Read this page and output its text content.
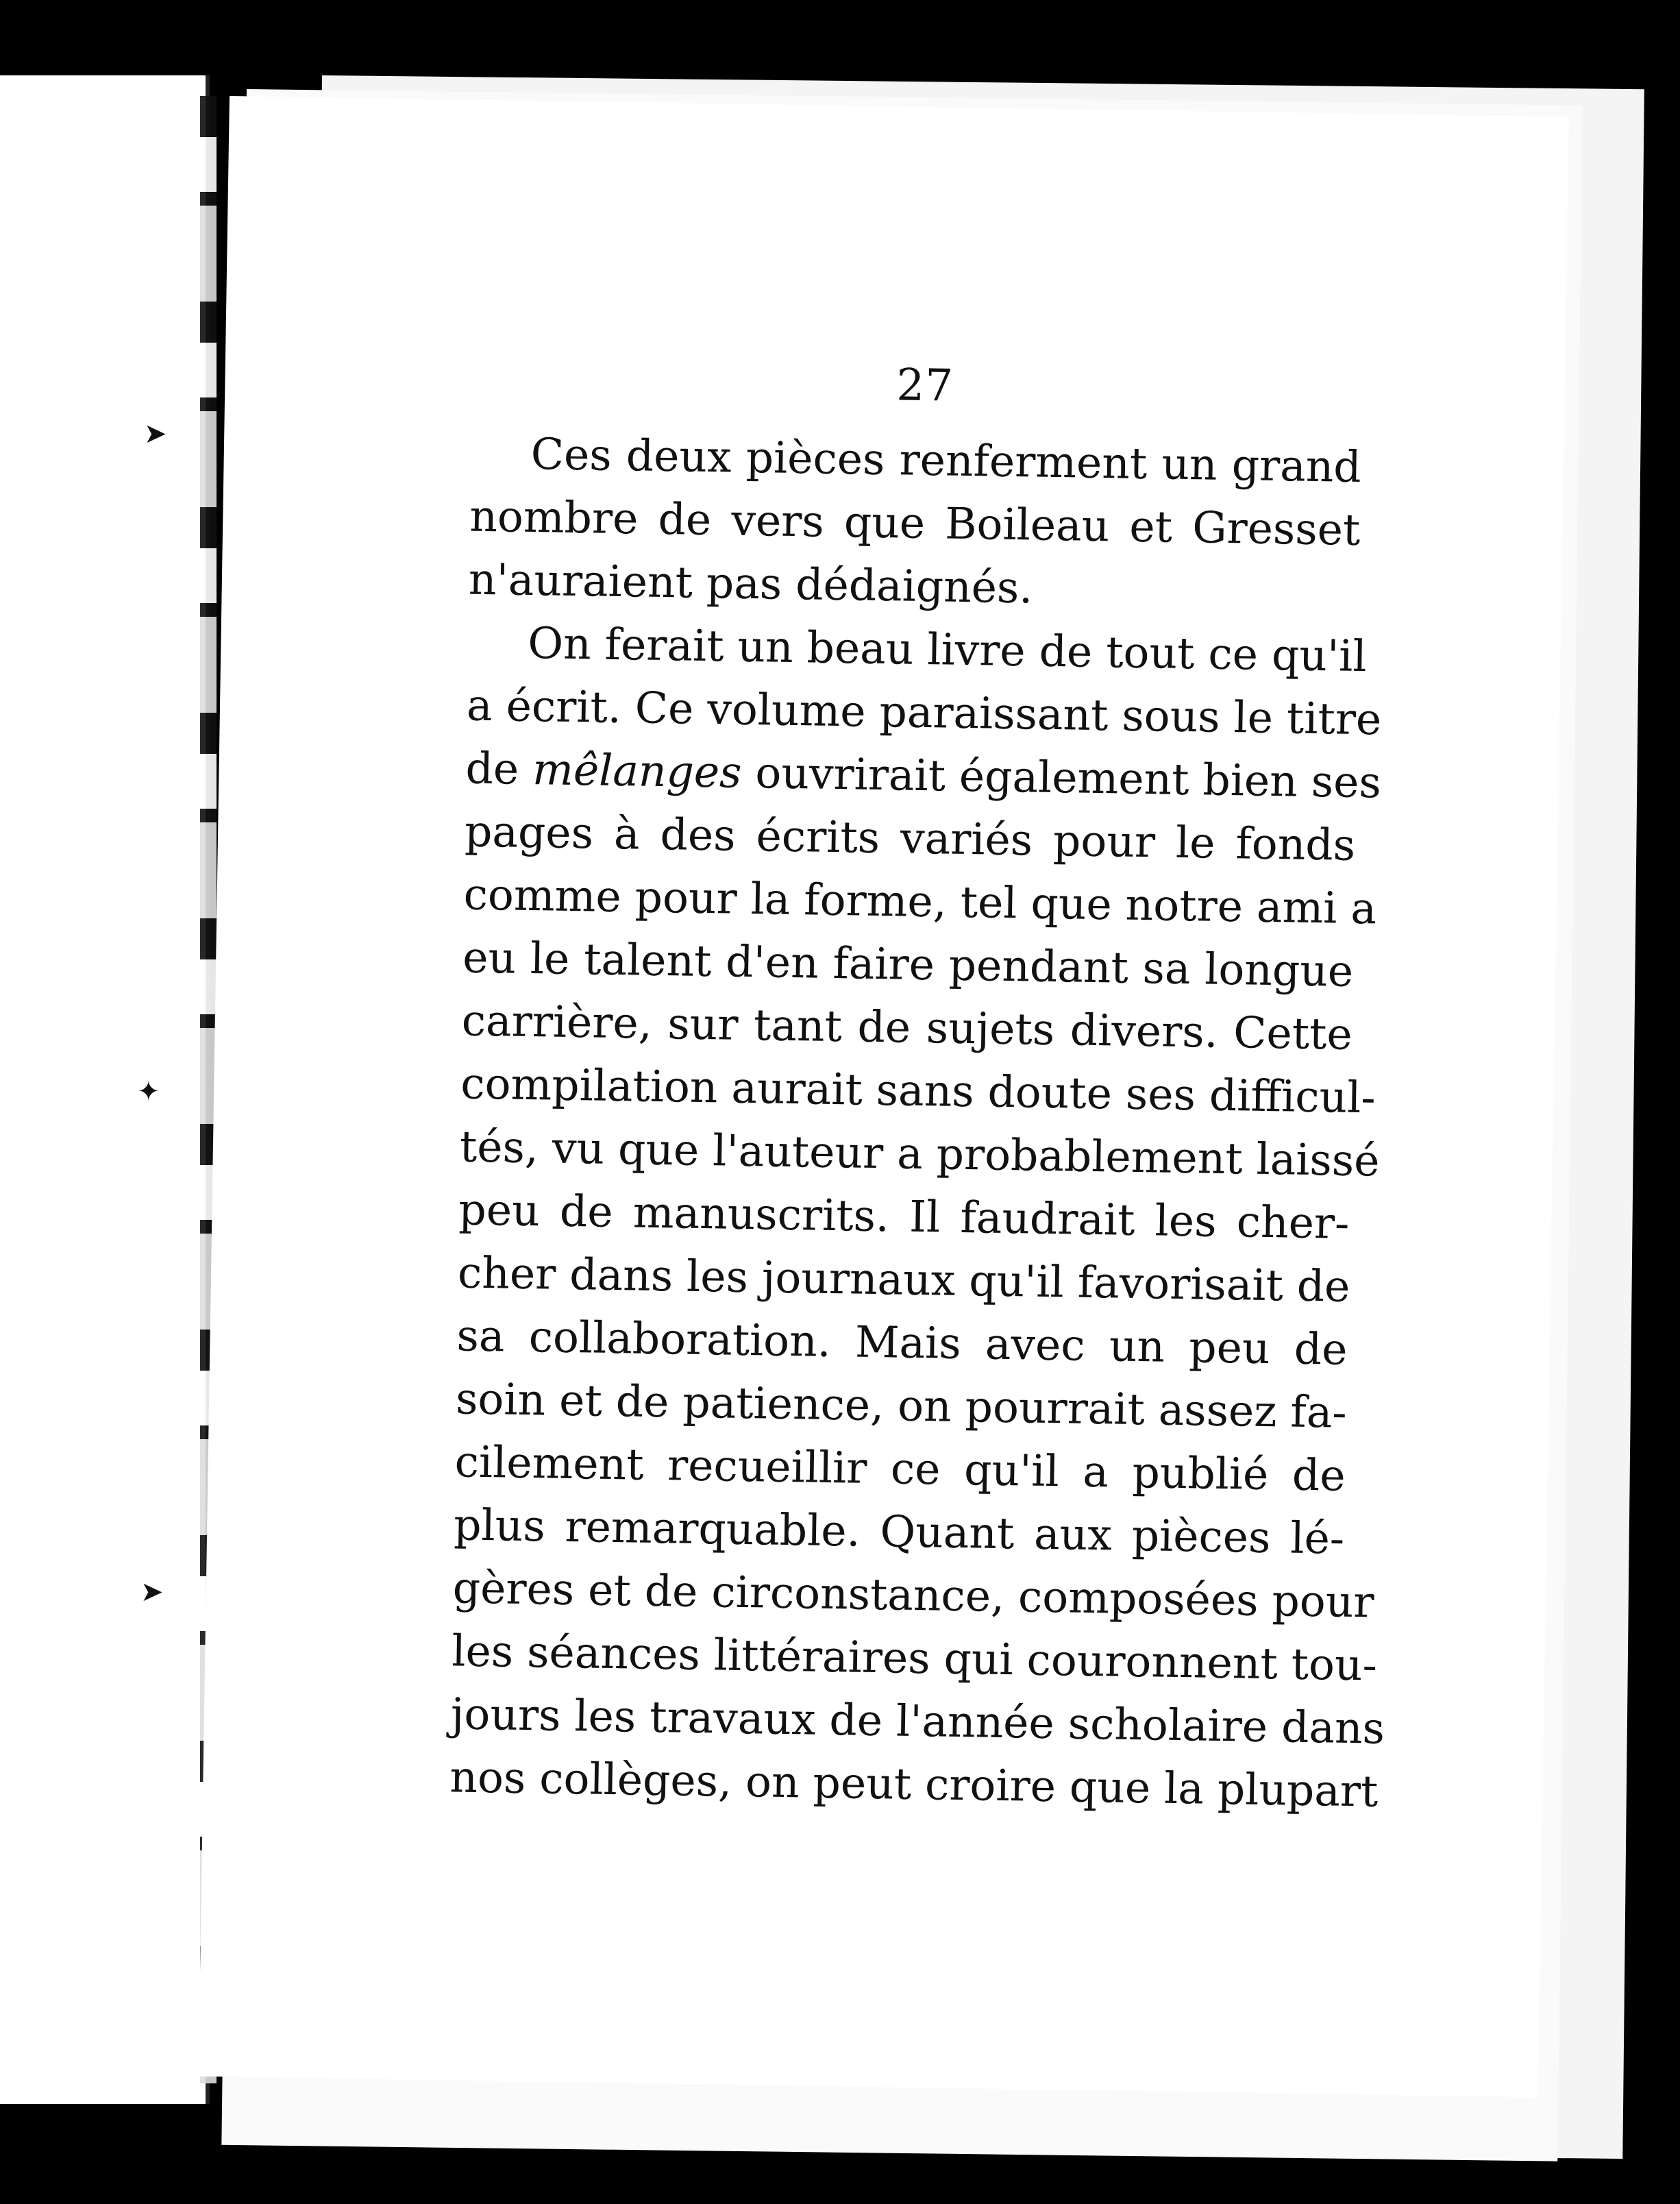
➤
✦
➤
27
Ces deux pièces renferment un grand
nombre de vers que Boileau et Gresset
n'auraient pas dédaignés.
On ferait un beau livre de tout ce qu'il
a écrit. Ce volume paraissant sous le titre
de mêlanges ouvrirait également bien ses
pages à des écrits variés pour le fonds
comme pour la forme, tel que notre ami a
eu le talent d'en faire pendant sa longue
carrière, sur tant de sujets divers. Cette
compilation aurait sans doute ses difficul-
tés, vu que l'auteur a probablement laissé
peu de manuscrits. Il faudrait les cher-
cher dans les journaux qu'il favorisait de
sa collaboration. Mais avec un peu de
soin et de patience, on pourrait assez fa-
cilement recueillir ce qu'il a publié de
plus remarquable. Quant aux pièces lé-
gères et de circonstance, composées pour
les séances littéraires qui couronnent tou-
jours les travaux de l'année scholaire dans
nos collèges, on peut croire que la plupart
